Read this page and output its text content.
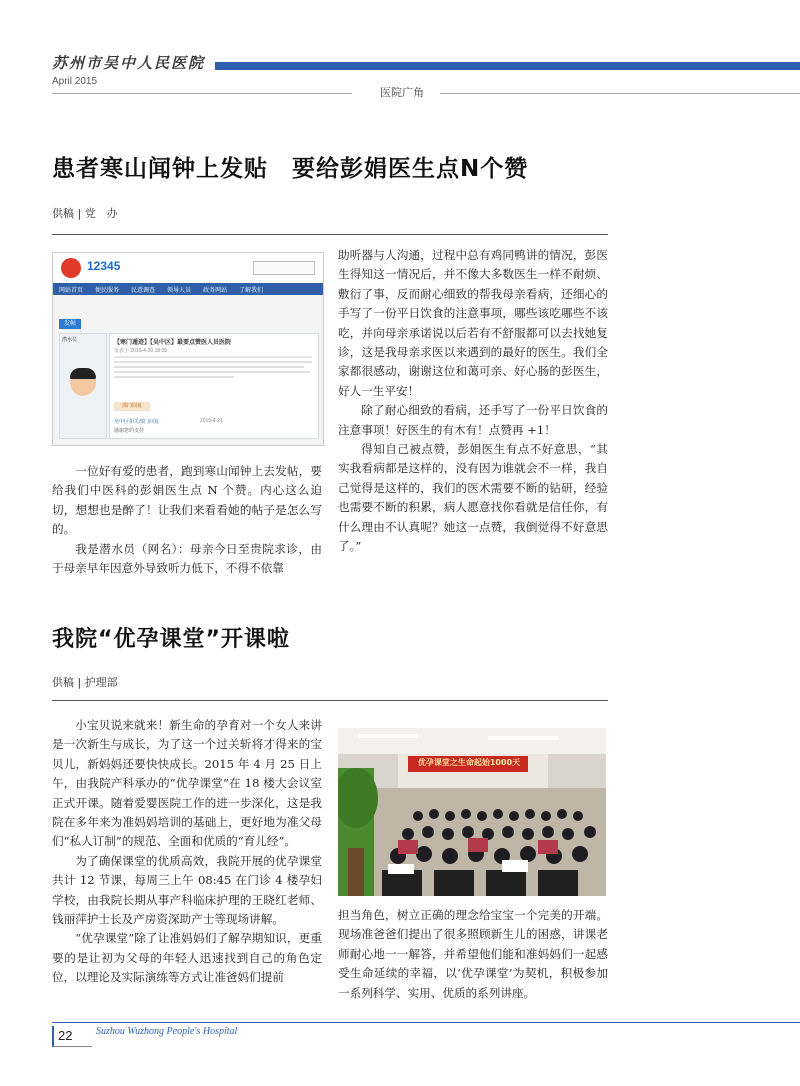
苏州市吴中人民医院
April 2015
医院广角
患者寒山闻钟上发贴　要给彭娟医生点N个赞
供稿 | 党　办
12345
网站首页	便民服务	民意调查	领导人员	政务网站	了解我们
发帖
潜水员	【寒门遁迹】【吴中区】最要点赞医人员医院
发表于 2015-4-20 18:05
部门回复
吴中区相关部门回复	2015-4-21
感谢您的支持

一位好有爱的患者，跑到寒山闻钟上去发帖，要给我们中医科的彭娟医生点 N 个赞。内心这么迫切，想想也是醉了！让我们来看看她的帖子是怎么写的。

我是潜水员（网名）：母亲今日至贵院求诊，由于母亲早年因意外导致听力低下，不得不依靠

助听器与人沟通，过程中总有鸡同鸭讲的情况，彭医生得知这一情况后，并不像大多数医生一样不耐烦、敷衍了事，反而耐心细致的帮我母亲看病，还细心的手写了一份平日饮食的注意事项，哪些该吃哪些不该吃，并向母亲承诺说以后若有不舒服都可以去找她复诊，这是我母亲求医以来遇到的最好的医生。我们全家都很感动，谢谢这位和蔼可亲、好心肠的彭医生，好人一生平安！

除了耐心细致的看病，还手写了一份平日饮食的注意事项！好医生的有木有！点赞再 +1！

得知自己被点赞，彭娟医生有点不好意思，“其实我看病都是这样的，没有因为谁就会不一样，我自己觉得是这样的，我们的医术需要不断的钻研，经验也需要不断的积累，病人愿意找你看就是信任你，有什么理由不认真呢？她这一点赞，我倒觉得不好意思了。”

我院“优孕课堂”开课啦
供稿 | 护理部

小宝贝说来就来！新生命的孕育对一个女人来讲是一次新生与成长，为了这一个过关斩将才得来的宝贝儿，新妈妈还要快快成长。2015 年 4 月 25 日上午，由我院产科承办的“优孕课堂”在 18 楼大会议室正式开课。随着爱婴医院工作的进一步深化，这是我院在多年来为准妈妈培训的基础上，更好地为准父母们“私人订制”的规范、全面和优质的“育儿经”。

为了确保课堂的优质高效，我院开展的优孕课堂共计 12 节课，每周三上午 08:45 在门诊 4 楼孕妇学校，由我院长期从事产科临床护理的王晓红老师、钱丽萍护士长及产房资深助产士等现场讲解。

“优孕课堂”除了让准妈妈们了解孕期知识，更重要的是让初为父母的年轻人迅速找到自己的角色定位，以理论及实际演练等方式让准爸妈们提前

优孕课堂之生命起始1000天

担当角色，树立正确的理念给宝宝一个完美的开端。现场准爸爸们提出了很多照顾新生儿的困惑，讲课老师耐心地一一解答，并希望他们能和准妈妈们一起感受生命延续的幸福，以‘优孕课堂’为契机，积极参加一系列科学、实用、优质的系列讲座。

22 Suzhou Wuzhong People's Hospital
